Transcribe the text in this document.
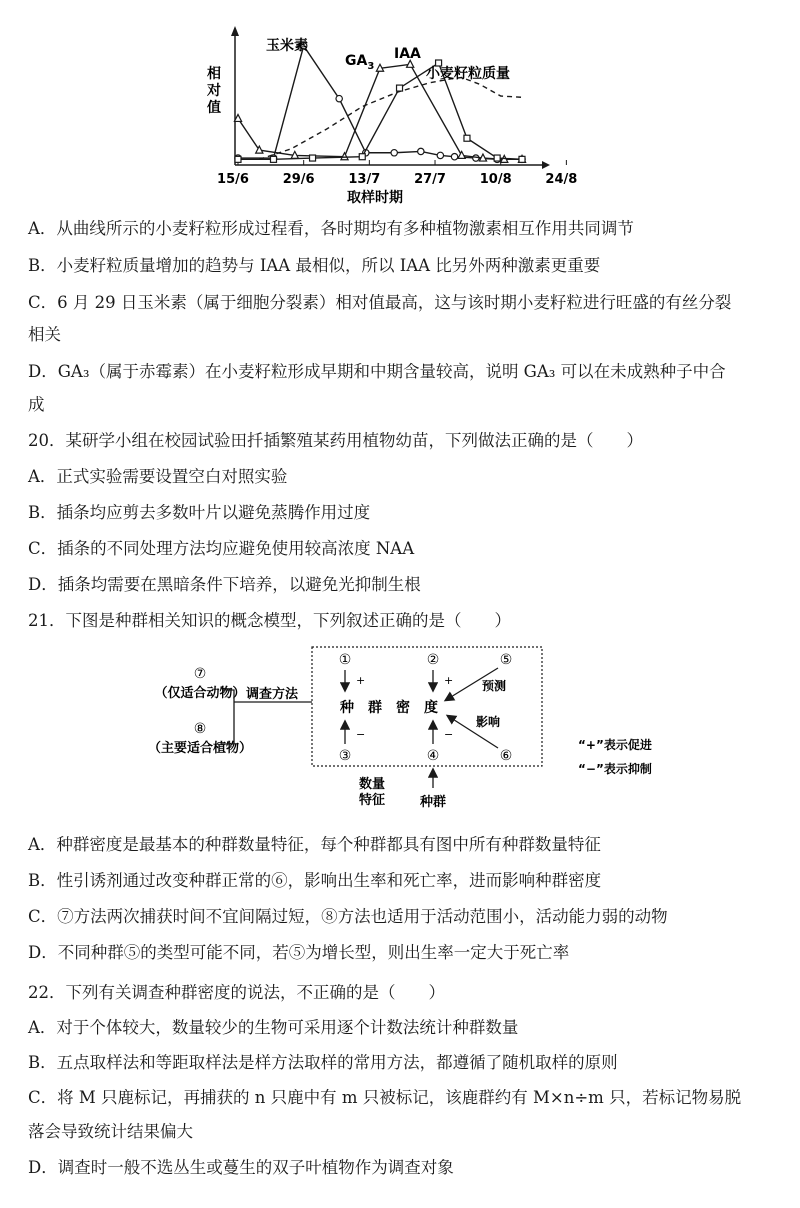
相
对
值
15/6	29/6	13/7	27/7	10/8	24/8
取样时期
玉米素
$GA_3$
IAA
小麦籽粒质量
A．从曲线所示的小麦籽粒形成过程看，各时期均有多种植物激素相互作用共同调节
B．小麦籽粒质量增加的趋势与 IAA 最相似，所以 IAA 比另外两种激素更重要
C．6 月 29 日玉米素（属于细胞分裂素）相对值最高，这与该时期小麦籽粒进行旺盛的有丝分裂
相关
D．GA₃（属于赤霉素）在小麦籽粒形成早期和中期含量较高，说明 GA₃ 可以在未成熟种子中合
成
20．某研学小组在校园试验田扦插繁殖某药用植物幼苗，下列做法正确的是（　　）
A．正式实验需要设置空白对照实验
B．插条均应剪去多数叶片以避免蒸腾作用过度
C．插条的不同处理方法均应避免使用较高浓度 NAA
D．插条均需要在黑暗条件下培养，以避免光抑制生根
21．下图是种群相关知识的概念模型，下列叙述正确的是（　　）
⑦
（仅适合动物）
⑧
（主要适合植物）
调查方法
①	②
③	④
+	+
−	−
种　群　密　度
⑤
⑥
预测
影响
数量
特征	种群
“+”表示促进
“−”表示抑制
A．种群密度是最基本的种群数量特征，每个种群都具有图中所有种群数量特征
B．性引诱剂通过改变种群正常的⑥，影响出生率和死亡率，进而影响种群密度
C．⑦方法两次捕获时间不宜间隔过短，⑧方法也适用于活动范围小，活动能力弱的动物
D．不同种群⑤的类型可能不同，若⑤为增长型，则出生率一定大于死亡率
22．下列有关调查种群密度的说法，不正确的是（　　）
A．对于个体较大，数量较少的生物可采用逐个计数法统计种群数量
B．五点取样法和等距取样法是样方法取样的常用方法，都遵循了随机取样的原则
C．将 M 只鹿标记，再捕获的 n 只鹿中有 m 只被标记，该鹿群约有 M×n÷m 只，若标记物易脱
落会导致统计结果偏大
D．调查时一般不选丛生或蔓生的双子叶植物作为调查对象
